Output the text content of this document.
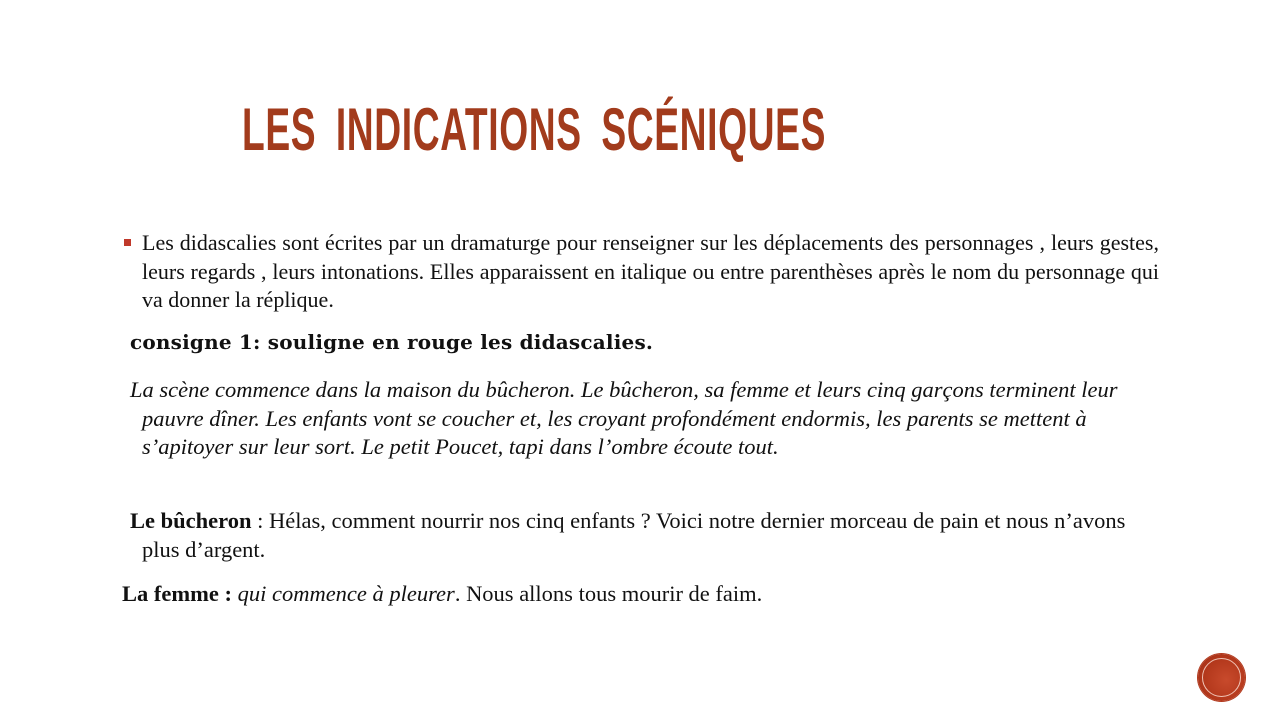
LES INDICATIONS SCÉNIQUES
Les didascalies sont écrites par un dramaturge pour renseigner sur les déplacements des personnages , leurs gestes, leurs regards , leurs intonations. Elles apparaissent en italique ou entre parenthèses après le nom du personnage qui va donner la réplique.
consigne 1: souligne en rouge les didascalies.
La scène commence dans la maison du bûcheron. Le bûcheron, sa femme et leurs cinq garçons terminent leur pauvre dîner. Les enfants vont se coucher et, les croyant profondément endormis, les parents se mettent à s’apitoyer sur leur sort. Le petit Poucet, tapi dans l’ombre écoute tout.
Le bûcheron : Hélas, comment nourrir nos cinq enfants ? Voici notre dernier morceau de pain et nous n’avons plus d’argent.
La femme : qui commence à pleurer. Nous allons tous mourir de faim.
